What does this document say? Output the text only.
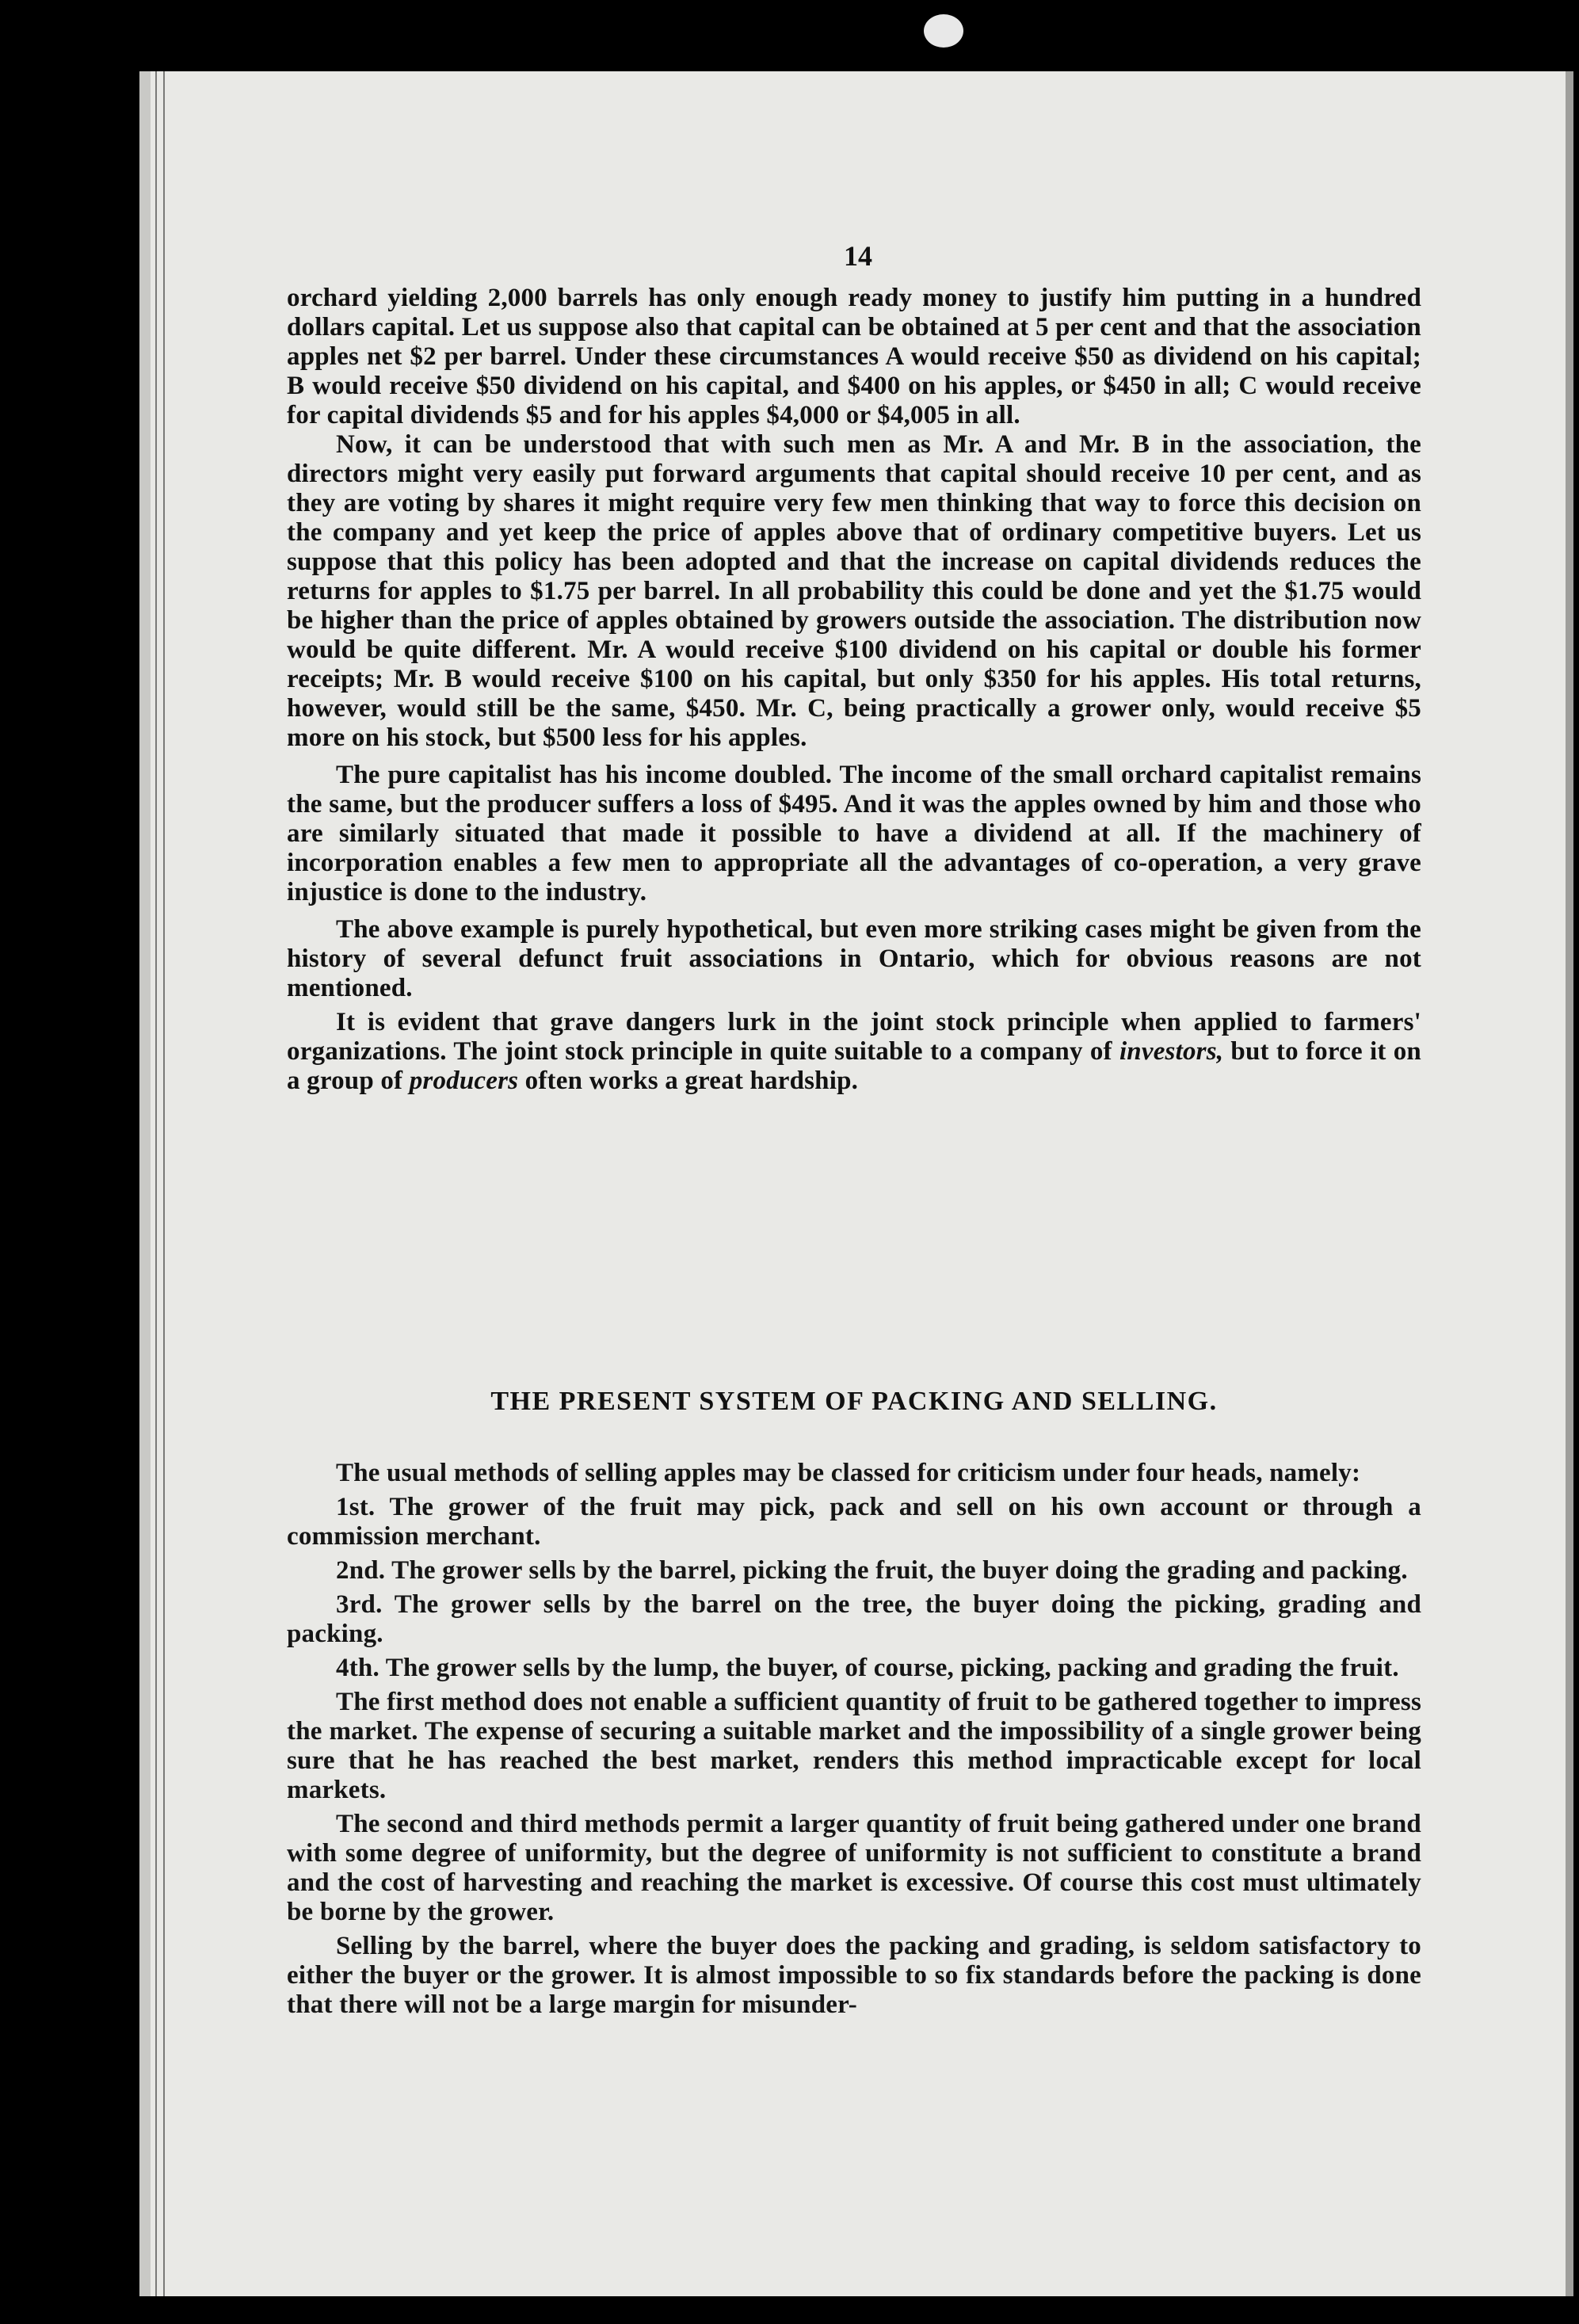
14

orchard yielding 2,000 barrels has only enough ready money to justify him putting in a hundred dollars capital. Let us suppose also that capital can be obtained at 5 per cent and that the association apples net $2 per barrel. Under these circumstances A would receive $50 as dividend on his capital; B would receive $50 dividend on his capital, and $400 on his apples, or $450 in all; C would receive for capital dividends $5 and for his apples $4,000 or $4,005 in all.

Now, it can be understood that with such men as Mr. A and Mr. B in the association, the directors might very easily put forward arguments that capital should receive 10 per cent, and as they are voting by shares it might require very few men thinking that way to force this decision on the company and yet keep the price of apples above that of ordinary competitive buyers. Let us suppose that this policy has been adopted and that the increase on capital dividends reduces the returns for apples to $1.75 per barrel. In all probability this could be done and yet the $1.75 would be higher than the price of apples obtained by growers outside the association. The distribution now would be quite different. Mr. A would receive $100 dividend on his capital or double his former receipts; Mr. B would receive $100 on his capital, but only $350 for his apples. His total returns, however, would still be the same, $450. Mr. C, being practically a grower only, would receive $5 more on his stock, but $500 less for his apples.

The pure capitalist has his income doubled. The income of the small orchard capitalist remains the same, but the producer suffers a loss of $495. And it was the apples owned by him and those who are similarly situated that made it possible to have a dividend at all. If the machinery of incorporation enables a few men to appropriate all the advantages of co-operation, a very grave injustice is done to the industry.

The above example is purely hypothetical, but even more striking cases might be given from the history of several defunct fruit associations in Ontario, which for obvious reasons are not mentioned.

It is evident that grave dangers lurk in the joint stock principle when applied to farmers' organizations. The joint stock principle in quite suitable to a company of investors, but to force it on a group of producers often works a great hardship.

THE PRESENT SYSTEM OF PACKING AND SELLING.

The usual methods of selling apples may be classed for criticism under four heads, namely:

1st. The grower of the fruit may pick, pack and sell on his own account or through a commission merchant.

2nd. The grower sells by the barrel, picking the fruit, the buyer doing the grading and packing.

3rd. The grower sells by the barrel on the tree, the buyer doing the picking, grading and packing.

4th. The grower sells by the lump, the buyer, of course, picking, packing and grading the fruit.

The first method does not enable a sufficient quantity of fruit to be gathered together to impress the market. The expense of securing a suitable market and the impossibility of a single grower being sure that he has reached the best market, renders this method impracticable except for local markets.

The second and third methods permit a larger quantity of fruit being gathered under one brand with some degree of uniformity, but the degree of uniformity is not sufficient to constitute a brand and the cost of harvesting and reaching the market is excessive. Of course this cost must ultimately be borne by the grower.

Selling by the barrel, where the buyer does the packing and grading, is seldom satisfactory to either the buyer or the grower. It is almost impossible to so fix standards before the packing is done that there will not be a large margin for misunder-
